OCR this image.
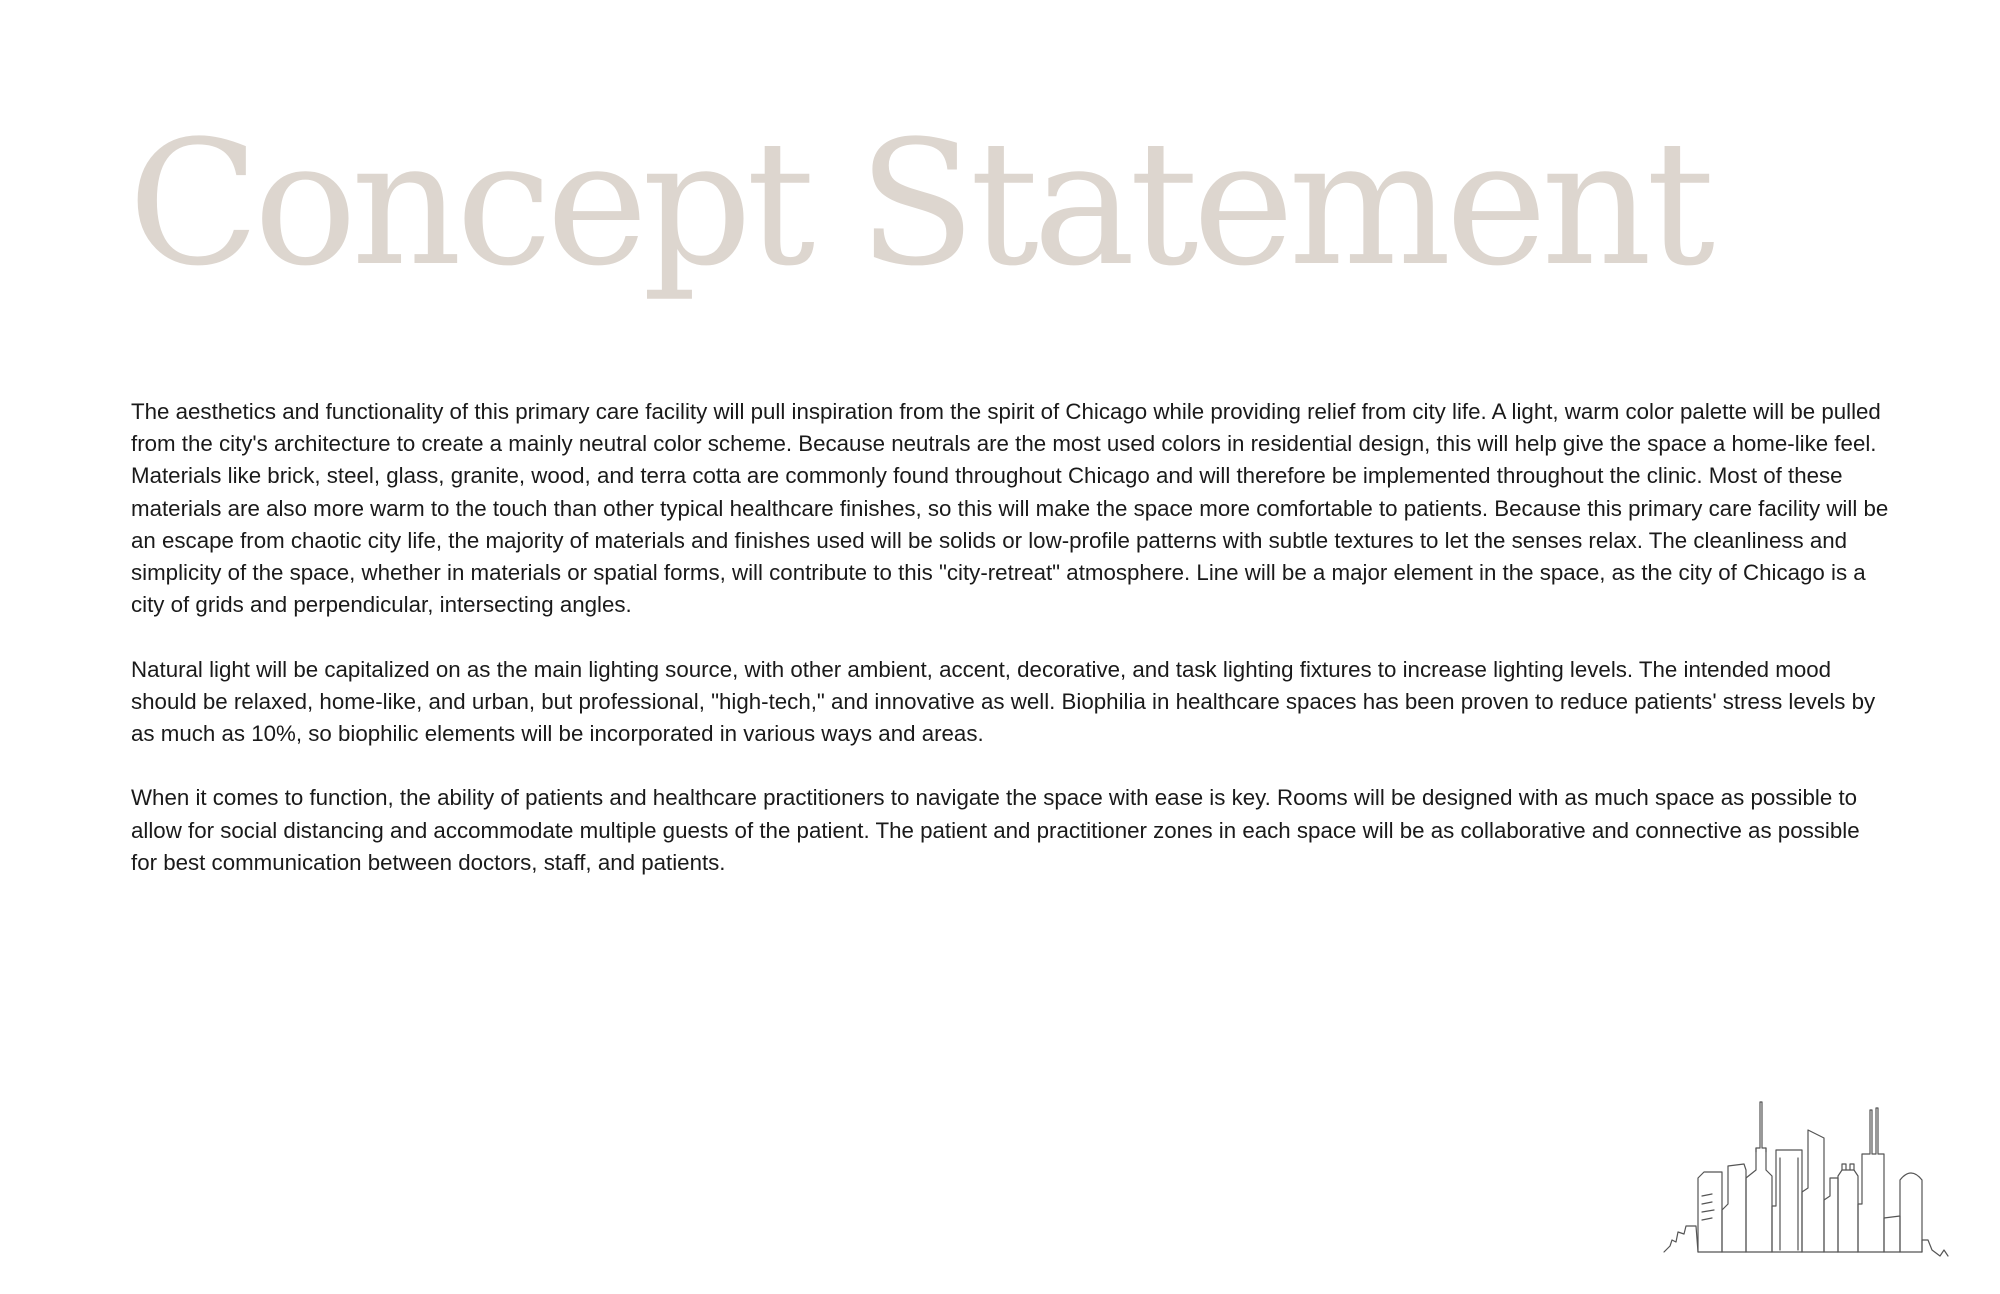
Concept Statement

The aesthetics and functionality of this primary care facility will pull inspiration from the spirit of Chicago while providing relief from city life. A light, warm color palette will be pulled from the city's architecture to create a mainly neutral color scheme. Because neutrals are the most used colors in residential design, this will help give the space a home-like feel. Materials like brick, steel, glass, granite, wood, and terra cotta are commonly found throughout Chicago and will therefore be implemented throughout the clinic. Most of these materials are also more warm to the touch than other typical healthcare finishes, so this will make the space more comfortable to patients. Because this primary care facility will be an escape from chaotic city life, the majority of materials and finishes used will be solids or low-profile patterns with subtle textures to let the senses relax. The cleanliness and simplicity of the space, whether in materials or spatial forms, will contribute to this "city-retreat" atmosphere. Line will be a major element in the space, as the city of Chicago is a city of grids and perpendicular, intersecting angles.

Natural light will be capitalized on as the main lighting source, with other ambient, accent, decorative, and task lighting fixtures to increase lighting levels. The intended mood should be relaxed, home-like, and urban, but professional, "high-tech," and innovative as well. Biophilia in healthcare spaces has been proven to reduce patients' stress levels by as much as 10%, so biophilic elements will be incorporated in various ways and areas.

When it comes to function, the ability of patients and healthcare practitioners to navigate the space with ease is key. Rooms will be designed with as much space as possible to allow for social distancing and accommodate multiple guests of the patient. The patient and practitioner zones in each space will be as collaborative and connective as possible for best communication between doctors, staff, and patients.
